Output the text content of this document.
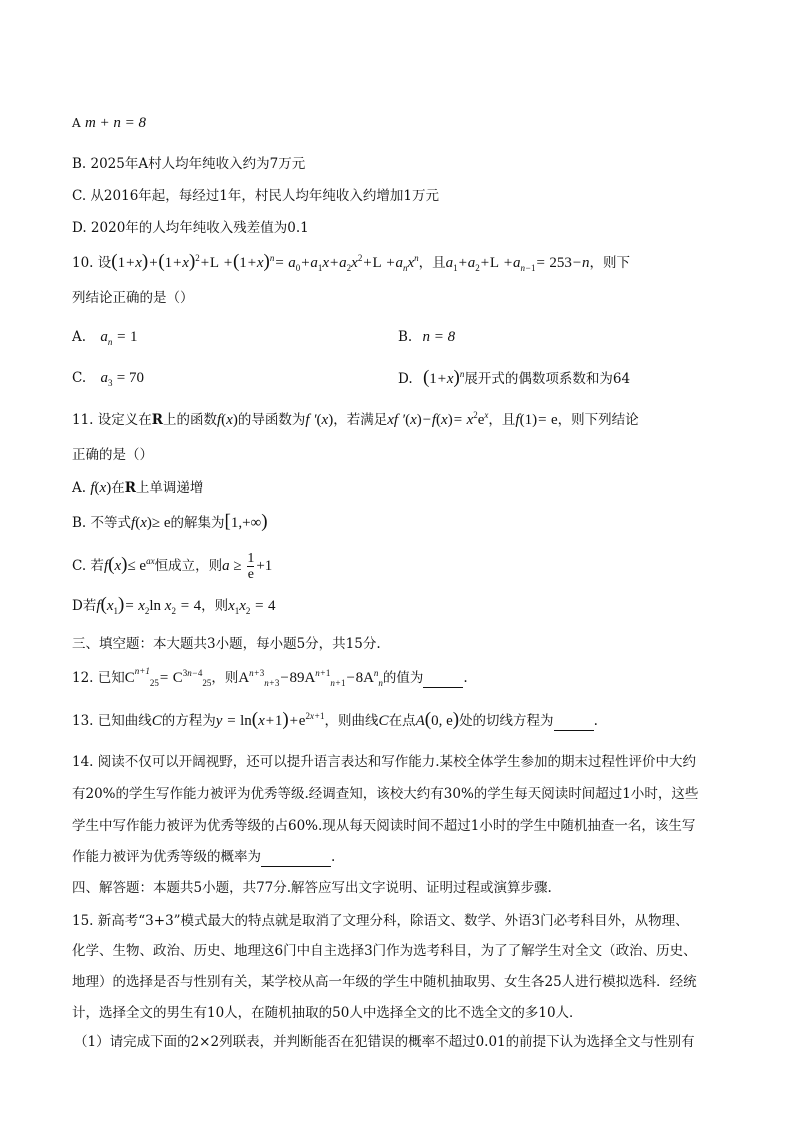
A m + n = 8
B. 2025年A村人均年纯收入约为7万元
C. 从2016年起，每经过1年，村民人均年纯收入约增加1万元
D. 2020年的人均年纯收入残差值为0.1
10. 设$(1+x)+(1+x)^2+L +(1+x)^n= a_0+a_1x+a_2x^2+L +a_nx^n$，且$a_1+a_2+L +a_{n-1}= 253-n$，则下
列结论正确的是（）
A. $a_n = 1$	B. n = 8
C. $a_3 = 70$	D. $(1+x)^n$展开式的偶数项系数和为64
11. 设定义在R上的函数f(x)的导函数为f ′(x)，若满足xf $'(x)-f(x)= x^2e^x$，且f(1)= e，则下列结论
正确的是（）
A. f(x)在R上单调递增
B. 不等式f(x)≥ e的解集为[1,+∞)
C. 若$f(x)\le e^{ax}$恒成立，则$a \ge \frac{1}{e} +1$
D若$f(x_1)= x_2\ln$ $x_2 = 4$，则$x_1x_2 = 4$
三、填空题：本大题共3小题，每小题5分，共15分.
12. 已知$C^{n+1}_{25}= C^{3n-4}_{25}$，则$A^{n+3}_{n+3}-89A^{n+1}_{n+1}-8A^n_n$的值为	.
13. 已知曲线C的方程为$y = \ln(x+1)+e^{2x+1}$，则曲线C在点A(0, e)处的切线方程为	.
14. 阅读不仅可以开阔视野，还可以提升语言表达和写作能力.某校全体学生参加的期末过程性评价中大约
有20%的学生写作能力被评为优秀等级.经调查知，该校大约有30%的学生每天阅读时间超过1小时，这些
学生中写作能力被评为优秀等级的占60%.现从每天阅读时间不超过1小时的学生中随机抽查一名，该生写
作能力被评为优秀等级的概率为	.
四、解答题：本题共5小题，共77分.解答应写出文字说明、证明过程或演算步骤.
15. 新高考“3+3”模式最大的特点就是取消了文理分科，除语文、数学、外语3门必考科目外，从物理、
化学、生物、政治、历史、地理这6门中自主选择3门作为选考科目，为了了解学生对全文（政治、历史、
地理）的选择是否与性别有关，某学校从高一年级的学生中随机抽取男、女生各25人进行模拟选科．经统
计，选择全文的男生有10人，在随机抽取的50人中选择全文的比不选全文的多10人．
（1）请完成下面的2×2列联表，并判断能否在犯错误的概率不超过0.01的前提下认为选择全文与性别有
